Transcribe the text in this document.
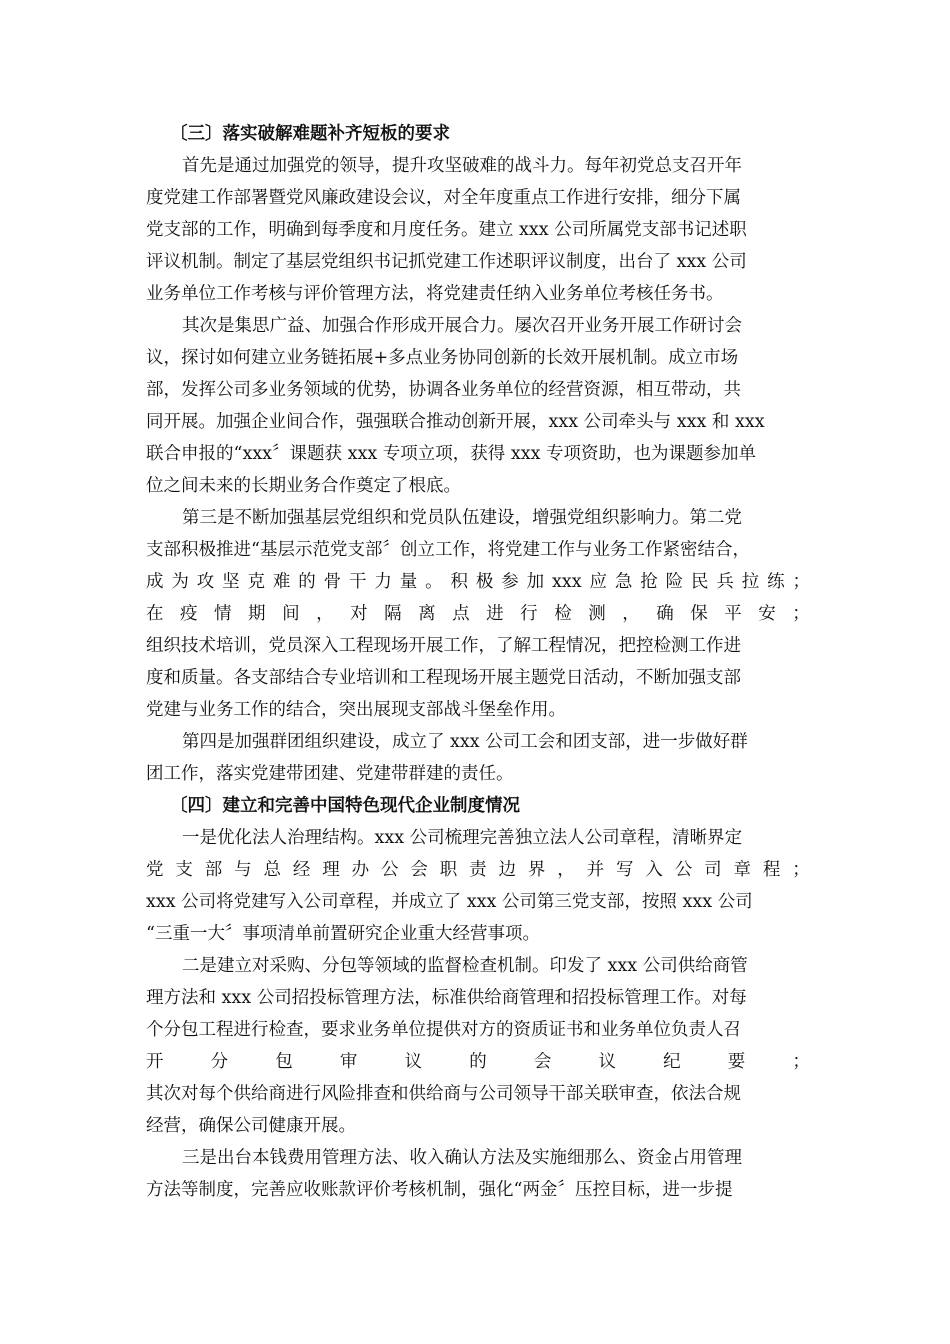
〔三〕落实破解难题补齐短板的要求
首先是通过加强党的领导，提升攻坚破难的战斗力。每年初党总支召开年
度党建工作部署暨党风廉政建设会议，对全年度重点工作进行安排，细分下属
党支部的工作，明确到每季度和月度任务。建立 xxx 公司所属党支部书记述职
评议机制。制定了基层党组织书记抓党建工作述职评议制度，出台了 xxx 公司
业务单位工作考核与评价管理方法，将党建责任纳入业务单位考核任务书。
其次是集思广益、加强合作形成开展合力。屡次召开业务开展工作研讨会
议，探讨如何建立业务链拓展+多点业务协同创新的长效开展机制。成立市场
部，发挥公司多业务领域的优势，协调各业务单位的经营资源，相互带动，共
同开展。加强企业间合作，强强联合推动创新开展，xxx 公司牵头与 xxx 和 xxx
联合申报的“xxx〞课题获 xxx 专项立项，获得 xxx 专项资助，也为课题参加单
位之间未来的长期业务合作奠定了根底。
第三是不断加强基层党组织和党员队伍建设，增强党组织影响力。第二党
支部积极推进“基层示范党支部〞创立工作，将党建工作与业务工作紧密结合，
成 为 攻 坚 克 难 的 骨 干 力 量 。 积 极 参 加 xxx 应 急 抢 险 民 兵 拉 练 ；
在 疫 情 期 间 ， 对 隔 离 点 进 行 检 测 ， 确 保 平 安 ；
组织技术培训，党员深入工程现场开展工作，了解工程情况，把控检测工作进
度和质量。各支部结合专业培训和工程现场开展主题党日活动，不断加强支部
党建与业务工作的结合，突出展现支部战斗堡垒作用。
第四是加强群团组织建设，成立了 xxx 公司工会和团支部，进一步做好群
团工作，落实党建带团建、党建带群建的责任。
〔四〕建立和完善中国特色现代企业制度情况
一是优化法人治理结构。xxx 公司梳理完善独立法人公司章程，清晰界定
党 支 部 与 总 经 理 办 公 会 职 责 边 界 ， 并 写 入 公 司 章 程 ；
xxx 公司将党建写入公司章程，并成立了 xxx 公司第三党支部，按照 xxx 公司
“三重一大〞事项清单前置研究企业重大经营事项。
二是建立对采购、分包等领域的监督检查机制。印发了 xxx 公司供给商管
理方法和 xxx 公司招投标管理方法，标准供给商管理和招投标管理工作。对每
个分包工程进行检查，要求业务单位提供对方的资质证书和业务单位负责人召
开	分	包	审	议	的	会	议	纪	要	；
其次对每个供给商进行风险排查和供给商与公司领导干部关联审查，依法合规
经营，确保公司健康开展。
三是出台本钱费用管理方法、收入确认方法及实施细那么、资金占用管理
方法等制度，完善应收账款评价考核机制，强化“两金〞压控目标，进一步提
